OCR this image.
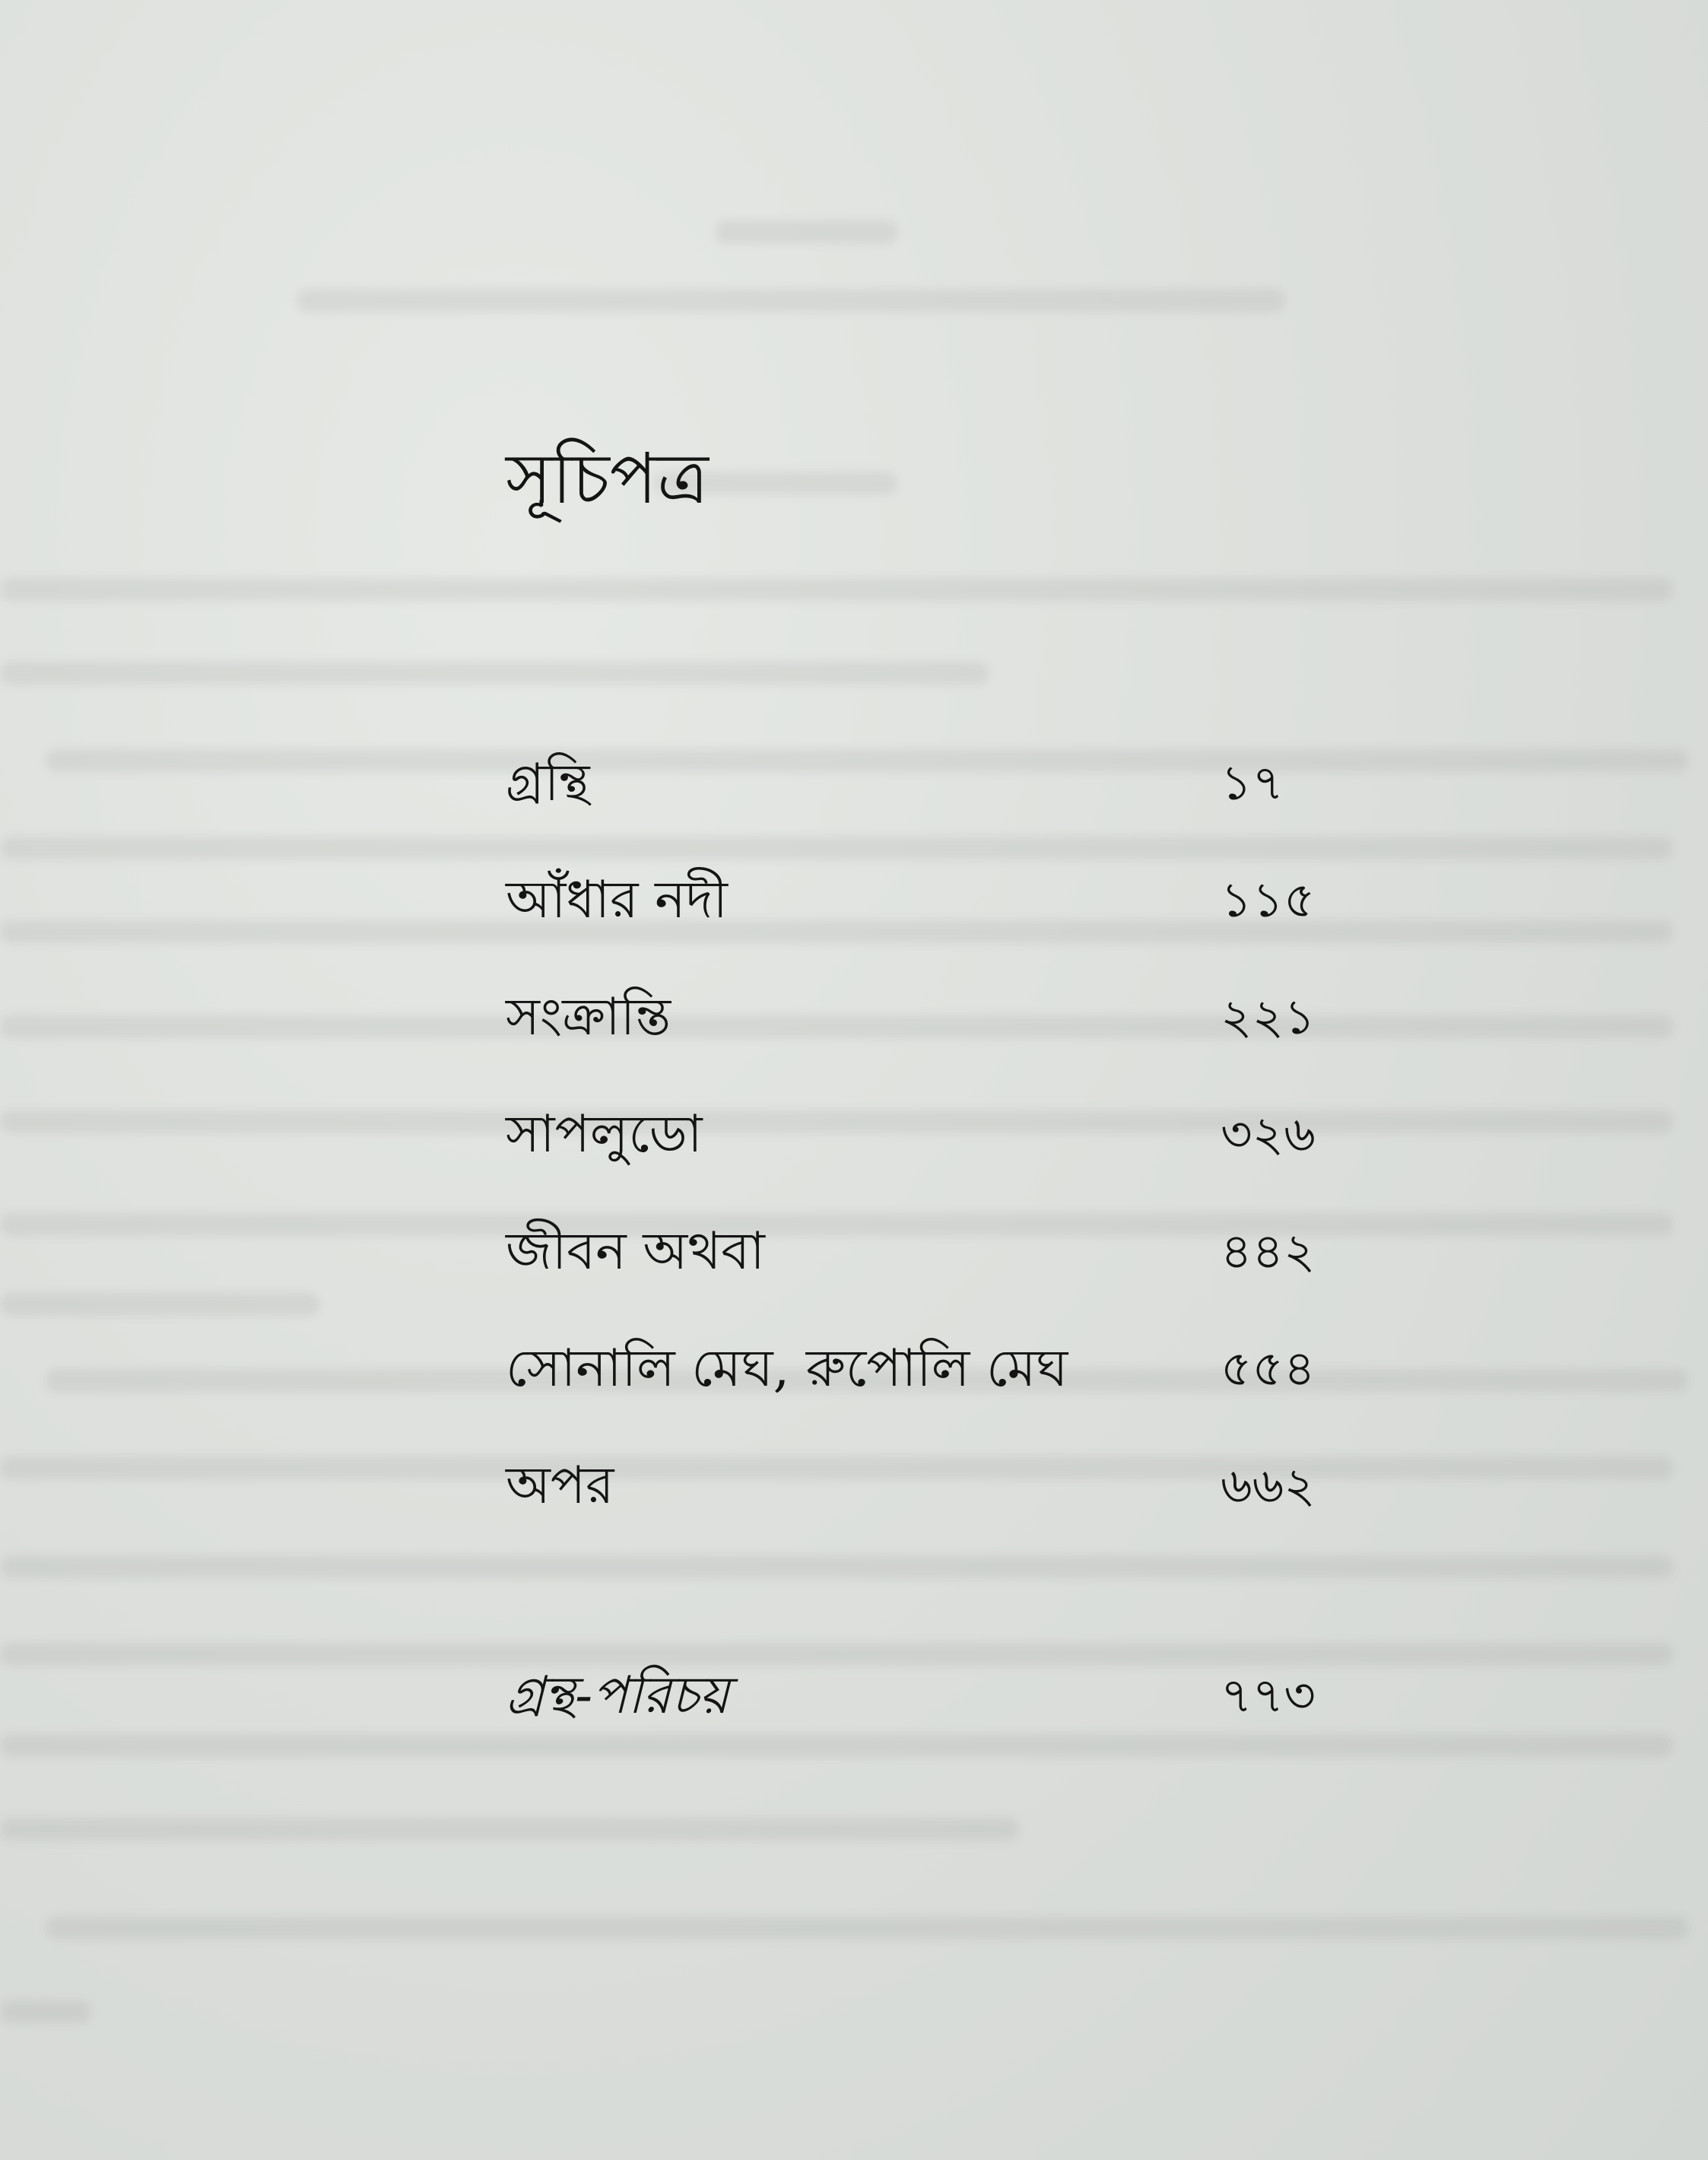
সূচিপত্র
গ্রন্থি	১৭
আঁধার নদী	১১৫
সংক্রান্তি	২২১
সাপলুডো	৩২৬
জীবন অথবা	৪৪২
সোনালি মেঘ, রুপোলি মেঘ	৫৫৪
অপর	৬৬২
গ্রন্থ-পরিচয়	৭৭৩
